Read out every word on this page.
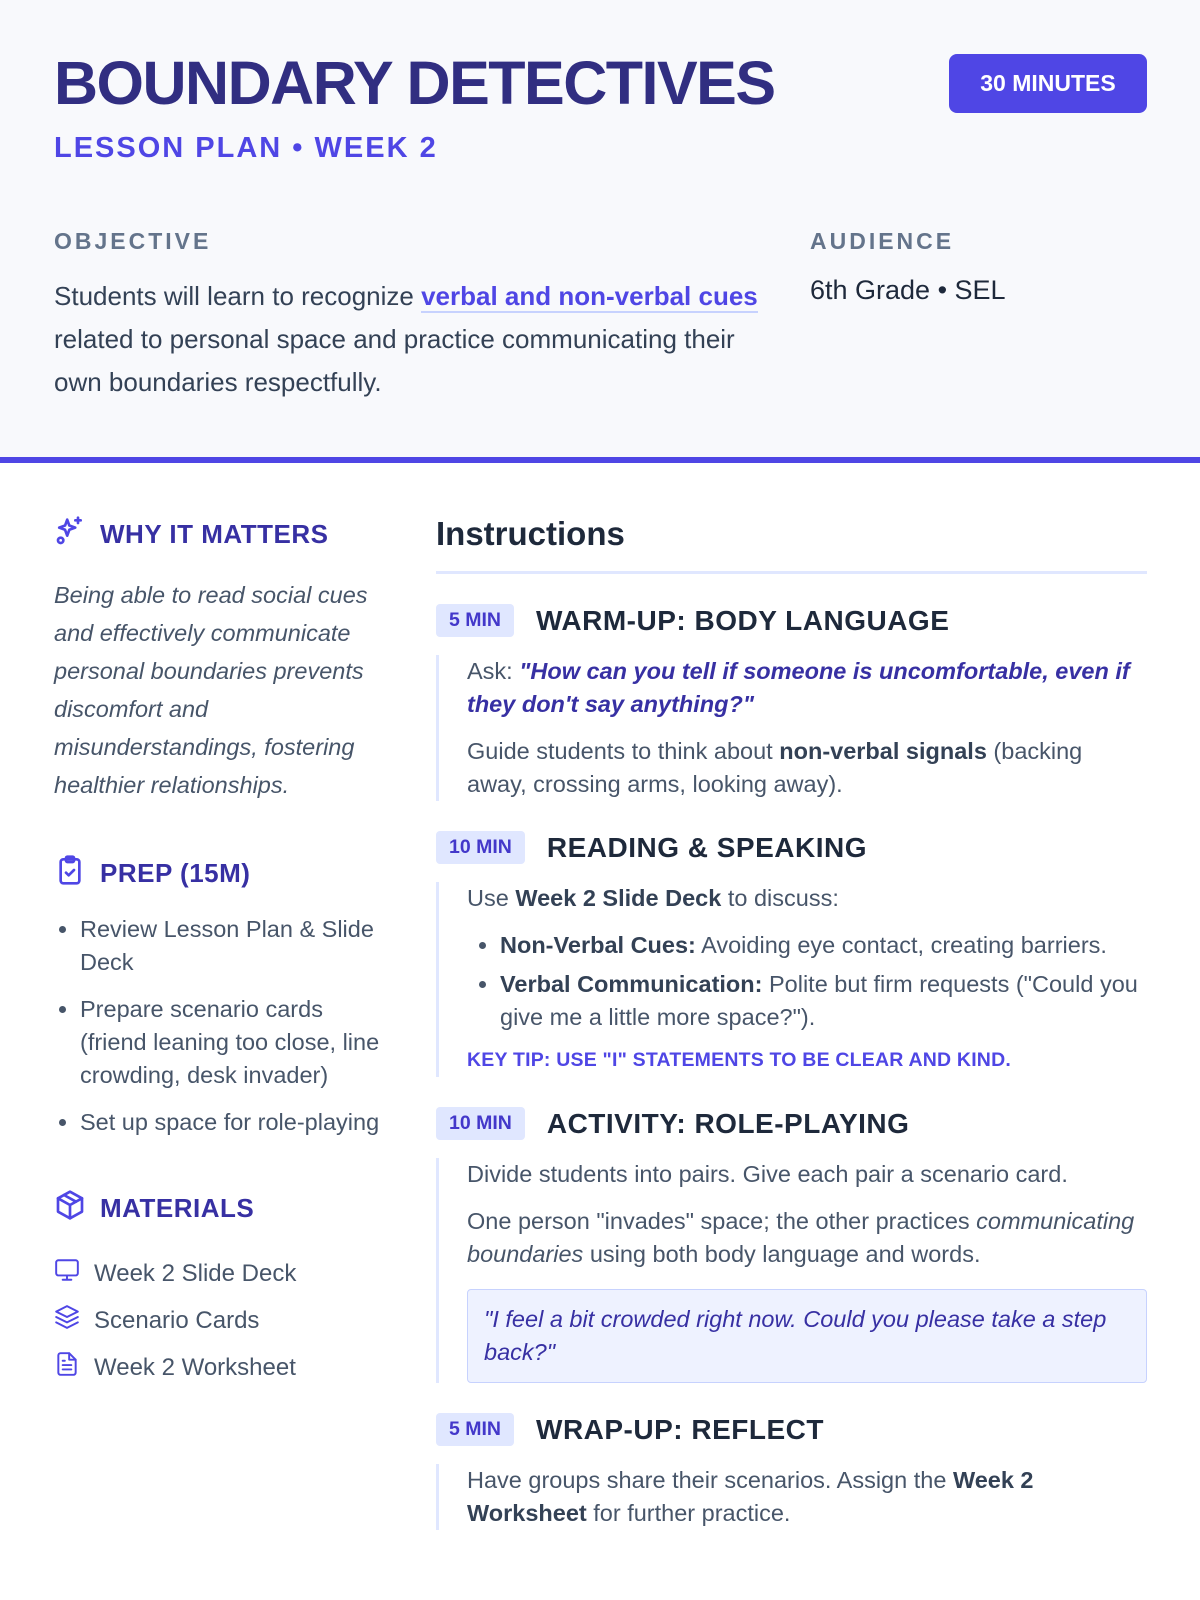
BOUNDARY DETECTIVES
LESSON PLAN • WEEK 2
30 MINUTES
OBJECTIVE
Students will learn to recognize verbal and non-verbal cues related to personal space and practice communicating their own boundaries respectfully.
AUDIENCE
6th Grade • SEL
WHY IT MATTERS
Being able to read social cues and effectively communicate personal boundaries prevents discomfort and misunderstandings, fostering healthier relationships.
PREP (15M)
• Review Lesson Plan & Slide Deck
• Prepare scenario cards (friend leaning too close, line crowding, desk invader)
• Set up space for role-playing
MATERIALS
Week 2 Slide Deck
Scenario Cards
Week 2 Worksheet
Instructions
5 MIN	WARM-UP: BODY LANGUAGE

Ask: "How can you tell if someone is uncomfortable, even if they don't say anything?"

Guide students to think about non-verbal signals (backing away, crossing arms, looking away).

10 MIN	READING & SPEAKING

Use Week 2 Slide Deck to discuss:

• Non-Verbal Cues: Avoiding eye contact, creating barriers.
• Verbal Communication: Polite but firm requests ("Could you give me a little more space?").
KEY TIP: USE "I" STATEMENTS TO BE CLEAR AND KIND.
10 MIN	ACTIVITY: ROLE-PLAYING

Divide students into pairs. Give each pair a scenario card.

One person "invades" space; the other practices communicating boundaries using both body language and words.

"I feel a bit crowded right now. Could you please take a step back?"
5 MIN	WRAP-UP: REFLECT

Have groups share their scenarios. Assign the Week 2 Worksheet for further practice.
